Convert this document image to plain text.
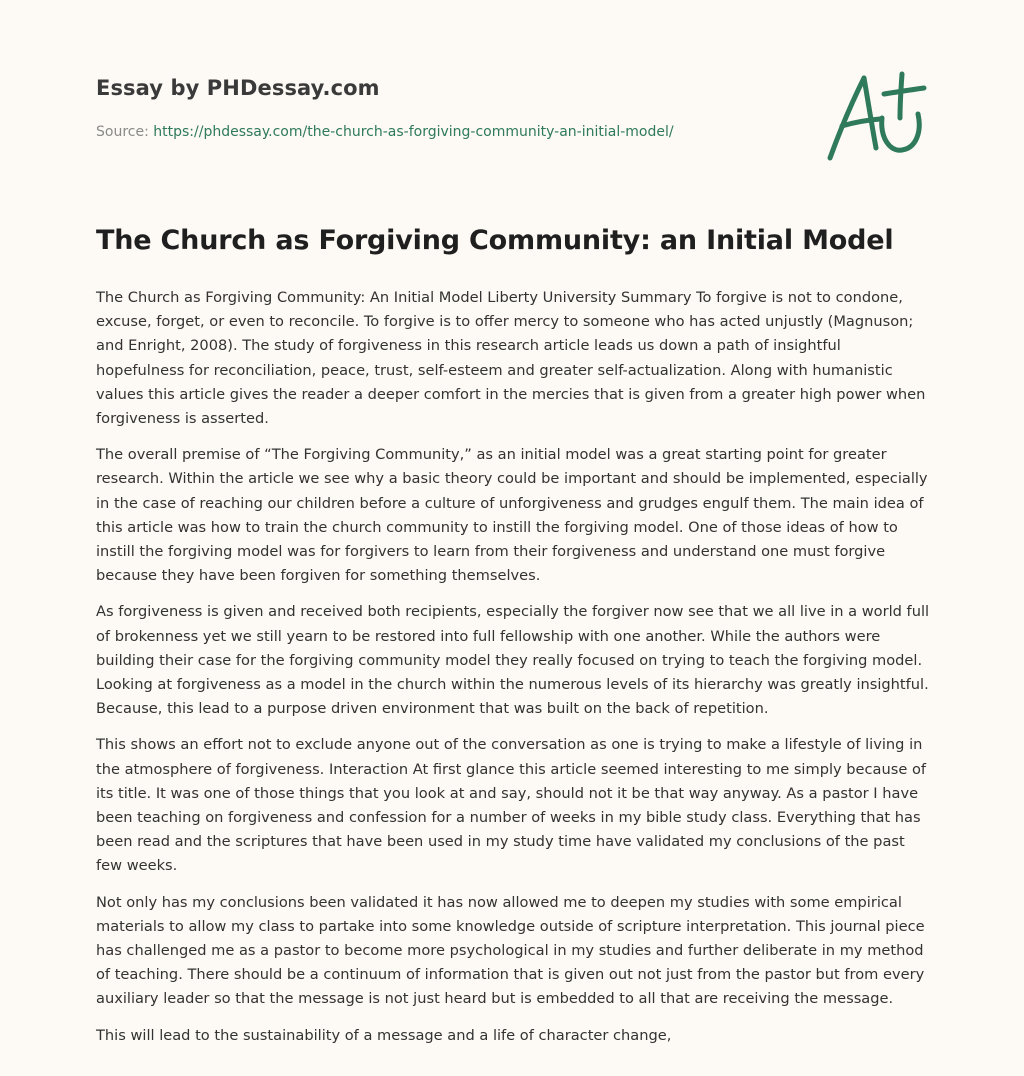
Essay by PHDessay.com
Source: https://phdessay.com/the-church-as-forgiving-community-an-initial-model/
The Church as Forgiving Community: an Initial Model

The Church as Forgiving Community: An Initial Model Liberty University Summary To forgive is not to condone, excuse, forget, or even to reconcile. To forgive is to offer mercy to someone who has acted unjustly (Magnuson; and Enright, 2008). The study of forgiveness in this research article leads us down a path of insightful hopefulness for reconciliation, peace, trust, self-esteem and greater self-actualization. Along with humanistic values this article gives the reader a deeper comfort in the mercies that is given from a greater high power when forgiveness is asserted.

The overall premise of “The Forgiving Community,” as an initial model was a great starting point for greater research. Within the article we see why a basic theory could be important and should be implemented, especially in the case of reaching our children before a culture of unforgiveness and grudges engulf them. The main idea of this article was how to train the church community to instill the forgiving model. One of those ideas of how to instill the forgiving model was for forgivers to learn from their forgiveness and understand one must forgive because they have been forgiven for something themselves.

As forgiveness is given and received both recipients, especially the forgiver now see that we all live in a world full of brokenness yet we still yearn to be restored into full fellowship with one another. While the authors were building their case for the forgiving community model they really focused on trying to teach the forgiving model. Looking at forgiveness as a model in the church within the numerous levels of its hierarchy was greatly insightful. Because, this lead to a purpose driven environment that was built on the back of repetition.

This shows an effort not to exclude anyone out of the conversation as one is trying to make a lifestyle of living in the atmosphere of forgiveness. Interaction At first glance this article seemed interesting to me simply because of its title. It was one of those things that you look at and say, should not it be that way anyway. As a pastor I have been teaching on forgiveness and confession for a number of weeks in my bible study class. Everything that has been read and the scriptures that have been used in my study time have validated my conclusions of the past few weeks.

Not only has my conclusions been validated it has now allowed me to deepen my studies with some empirical materials to allow my class to partake into some knowledge outside of scripture interpretation. This journal piece has challenged me as a pastor to become more psychological in my studies and further deliberate in my method of teaching. There should be a continuum of information that is given out not just from the pastor but from every auxiliary leader so that the message is not just heard but is embedded to all that are receiving the message.

This will lead to the sustainability of a message and a life of character change,
